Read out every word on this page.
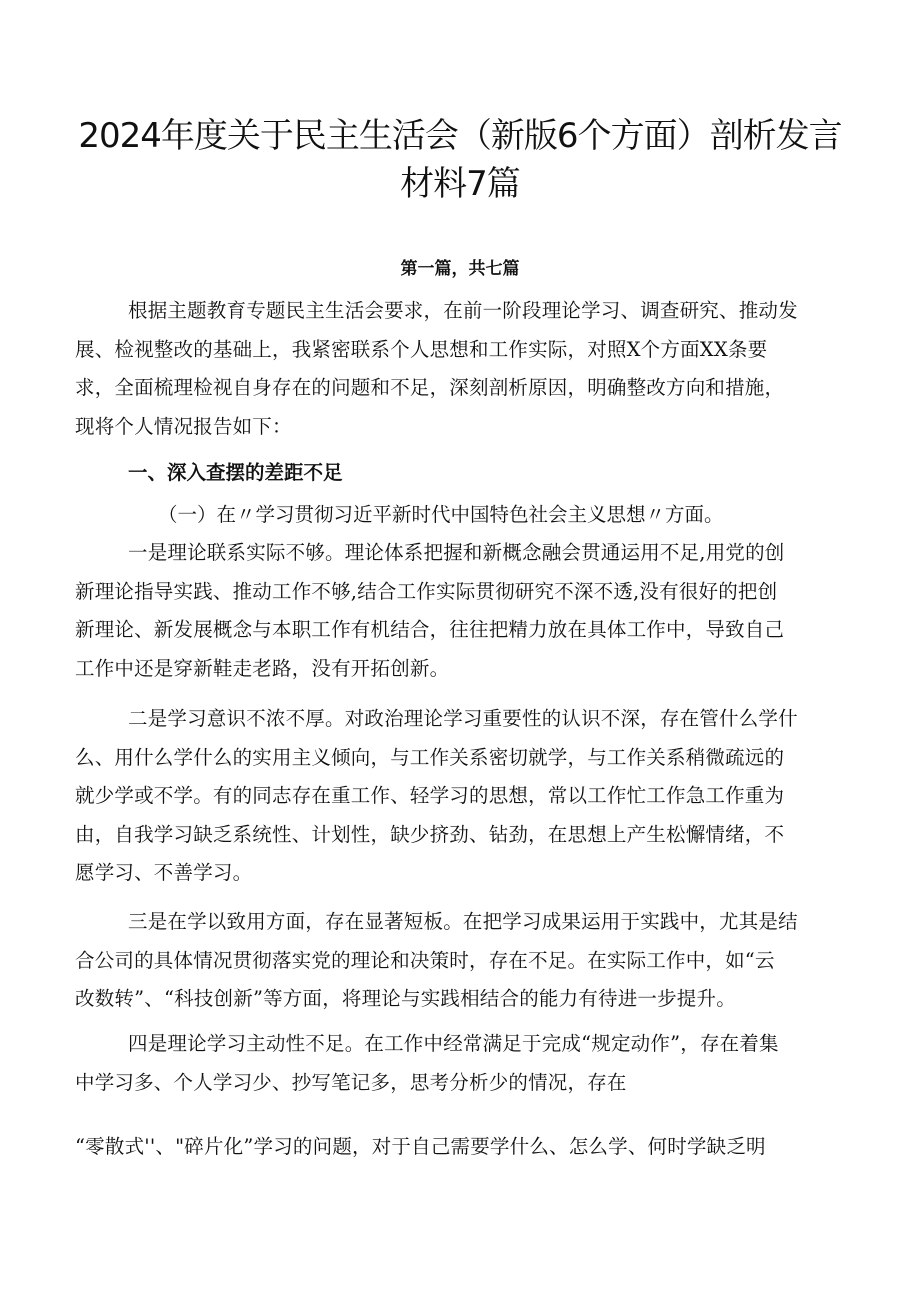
2024年度关于民主生活会（新版6个方面）剖析发言
材料7篇
第一篇，共七篇
根据主题教育专题民主生活会要求，在前一阶段理论学习、调查研究、推动发
展、检视整改的基础上，我紧密联系个人思想和工作实际，对照X个方面XX条要
求，全面梳理检视自身存在的问题和不足，深刻剖析原因，明确整改方向和措施，
现将个人情况报告如下：
一、深入查摆的差距不足
（一）在〃学习贯彻习近平新时代中国特色社会主义思想〃方面。
一是理论联系实际不够。理论体系把握和新概念融会贯通运用不足,用党的创
新理论指导实践、推动工作不够,结合工作实际贯彻研究不深不透,没有很好的把创
新理论、新发展概念与本职工作有机结合，往往把精力放在具体工作中，导致自己
工作中还是穿新鞋走老路，没有开拓创新。
二是学习意识不浓不厚。对政治理论学习重要性的认识不深，存在管什么学什
么、用什么学什么的实用主义倾向，与工作关系密切就学，与工作关系稍微疏远的
就少学或不学。有的同志存在重工作、轻学习的思想，常以工作忙工作急工作重为
由，自我学习缺乏系统性、计划性，缺少挤劲、钻劲，在思想上产生松懈情绪，不
愿学习、不善学习。
三是在学以致用方面，存在显著短板。在把学习成果运用于实践中，尤其是结
合公司的具体情况贯彻落实党的理论和决策时，存在不足。在实际工作中，如“云
改数转”、“科技创新”等方面，将理论与实践相结合的能力有待进一步提升。
四是理论学习主动性不足。在工作中经常满足于完成“规定动作”，存在着集
中学习多、个人学习少、抄写笔记多，思考分析少的情况，存在
“零散式''、"碎片化”学习的问题，对于自己需要学什么、怎么学、何时学缺乏明
